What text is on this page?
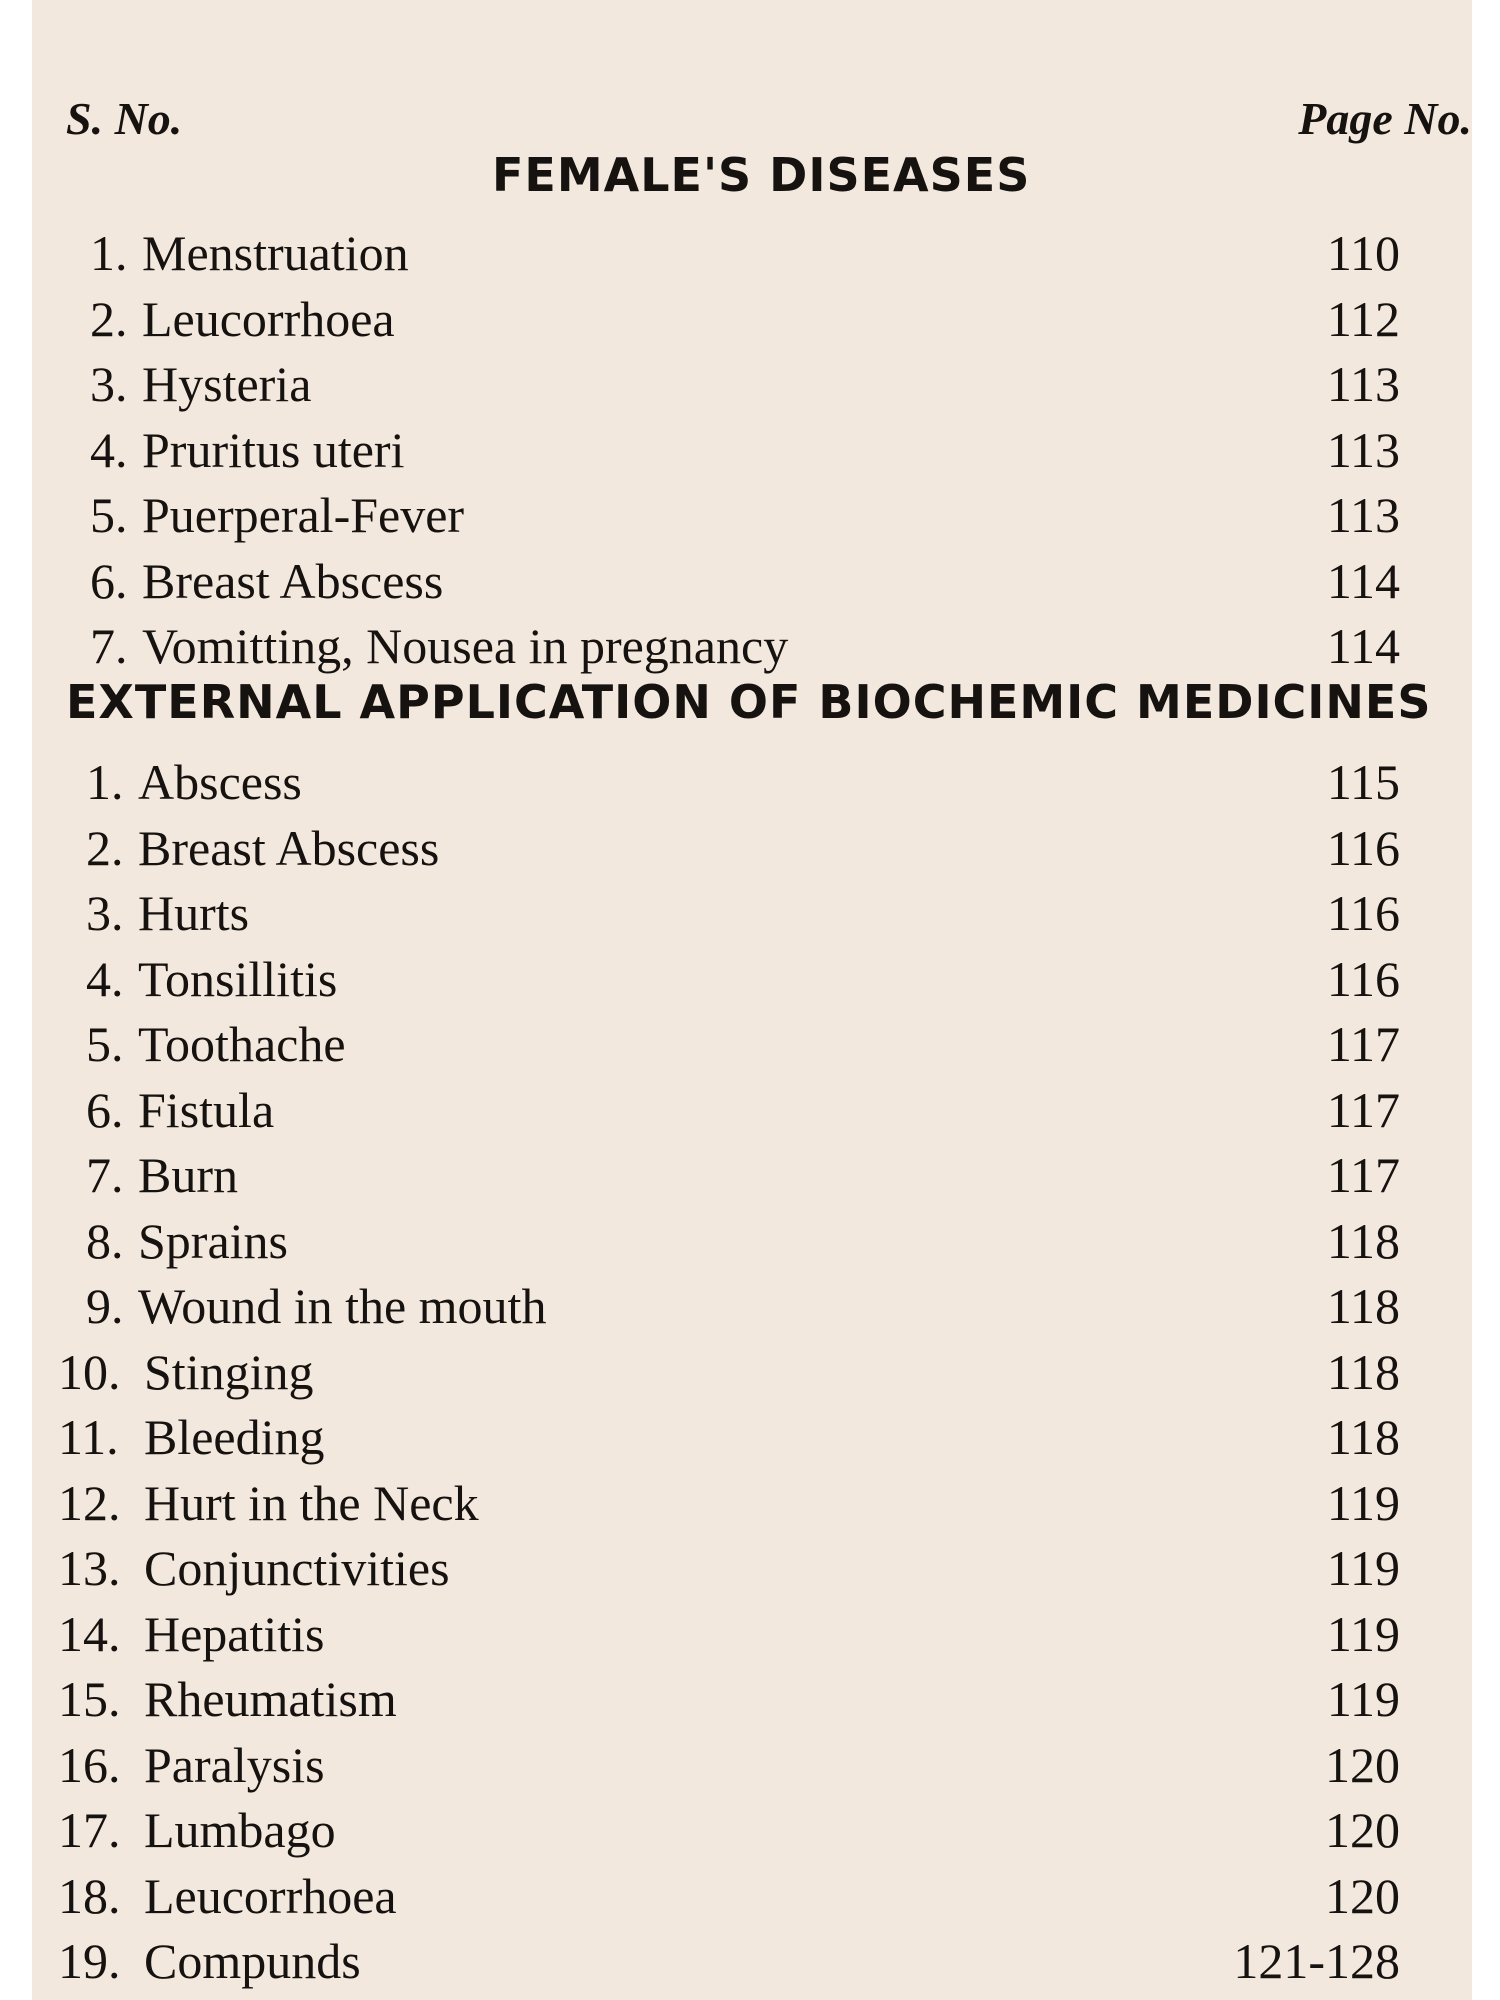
S. No.	Page No.
FEMALE'S DISEASES
1. Menstruation	110
2. Leucorrhoea	112
3. Hysteria	113
4. Pruritus uteri	113
5. Puerperal-Fever	113
6. Breast Abscess	114
7. Vomitting, Nousea in pregnancy	114
EXTERNAL APPLICATION OF BIOCHEMIC MEDICINES
1. Abscess	115
2. Breast Abscess	116
3. Hurts	116
4. Tonsillitis	116
5. Toothache	117
6. Fistula	117
7. Burn	117
8. Sprains	118
9. Wound in the mouth	118
10. Stinging	118
11. Bleeding	118
12. Hurt in the Neck	119
13. Conjunctivities	119
14. Hepatitis	119
15. Rheumatism	119
16. Paralysis	120
17. Lumbago	120
18. Leucorrhoea	120
19. Compunds	121-128
